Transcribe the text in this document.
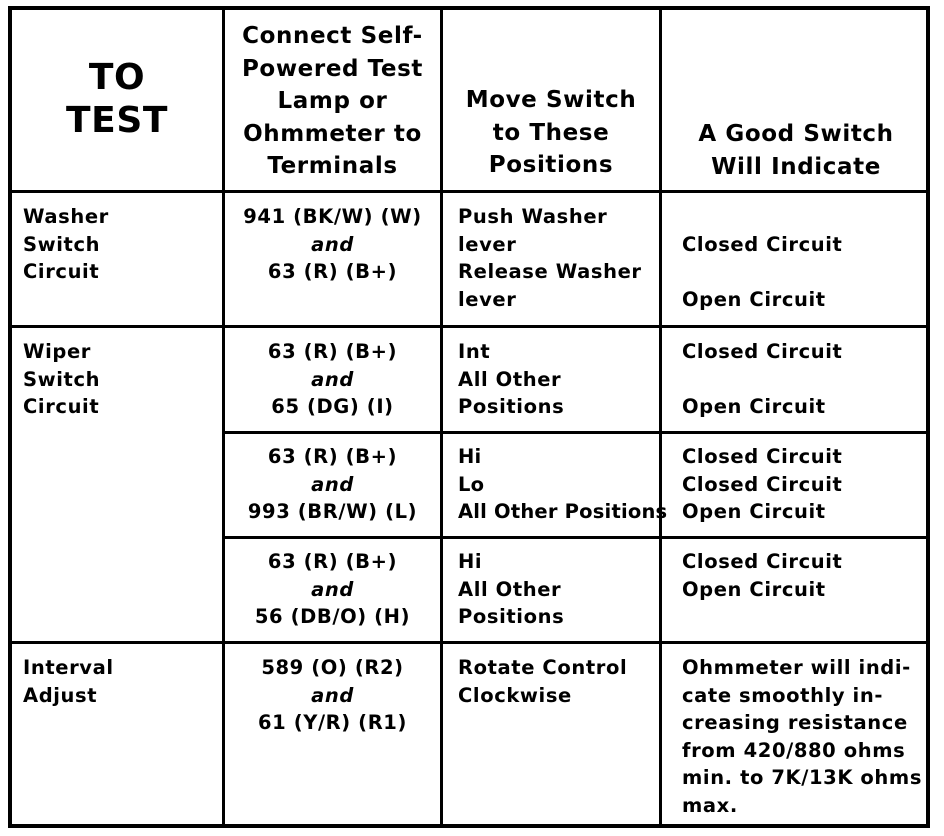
TO
TEST
Connect Self-
Powered Test
Lamp or
Ohmmeter to
Terminals
Move Switch
to These
Positions
A Good Switch
Will Indicate
Washer
Switch
Circuit
941 (BK/W) (W)
and
63 (R) (B+)
Push Washer
lever
Release Washer
lever
Closed Circuit
Open Circuit
Wiper
Switch
Circuit
63 (R) (B+)
and
65 (DG) (I)
Int
All Other
Positions
Closed Circuit
Open Circuit
63 (R) (B+)
and
993 (BR/W) (L)
Hi
Lo
All Other Positions
Closed Circuit
Closed Circuit
Open Circuit
63 (R) (B+)
and
56 (DB/O) (H)
Hi
All Other
Positions
Closed Circuit
Open Circuit
Interval
Adjust
589 (O) (R2)
and
61 (Y/R) (R1)
Rotate Control
Clockwise
Ohmmeter will indi-
cate smoothly in-
creasing resistance
from 420/880 ohms
min. to 7K/13K ohms
max.
